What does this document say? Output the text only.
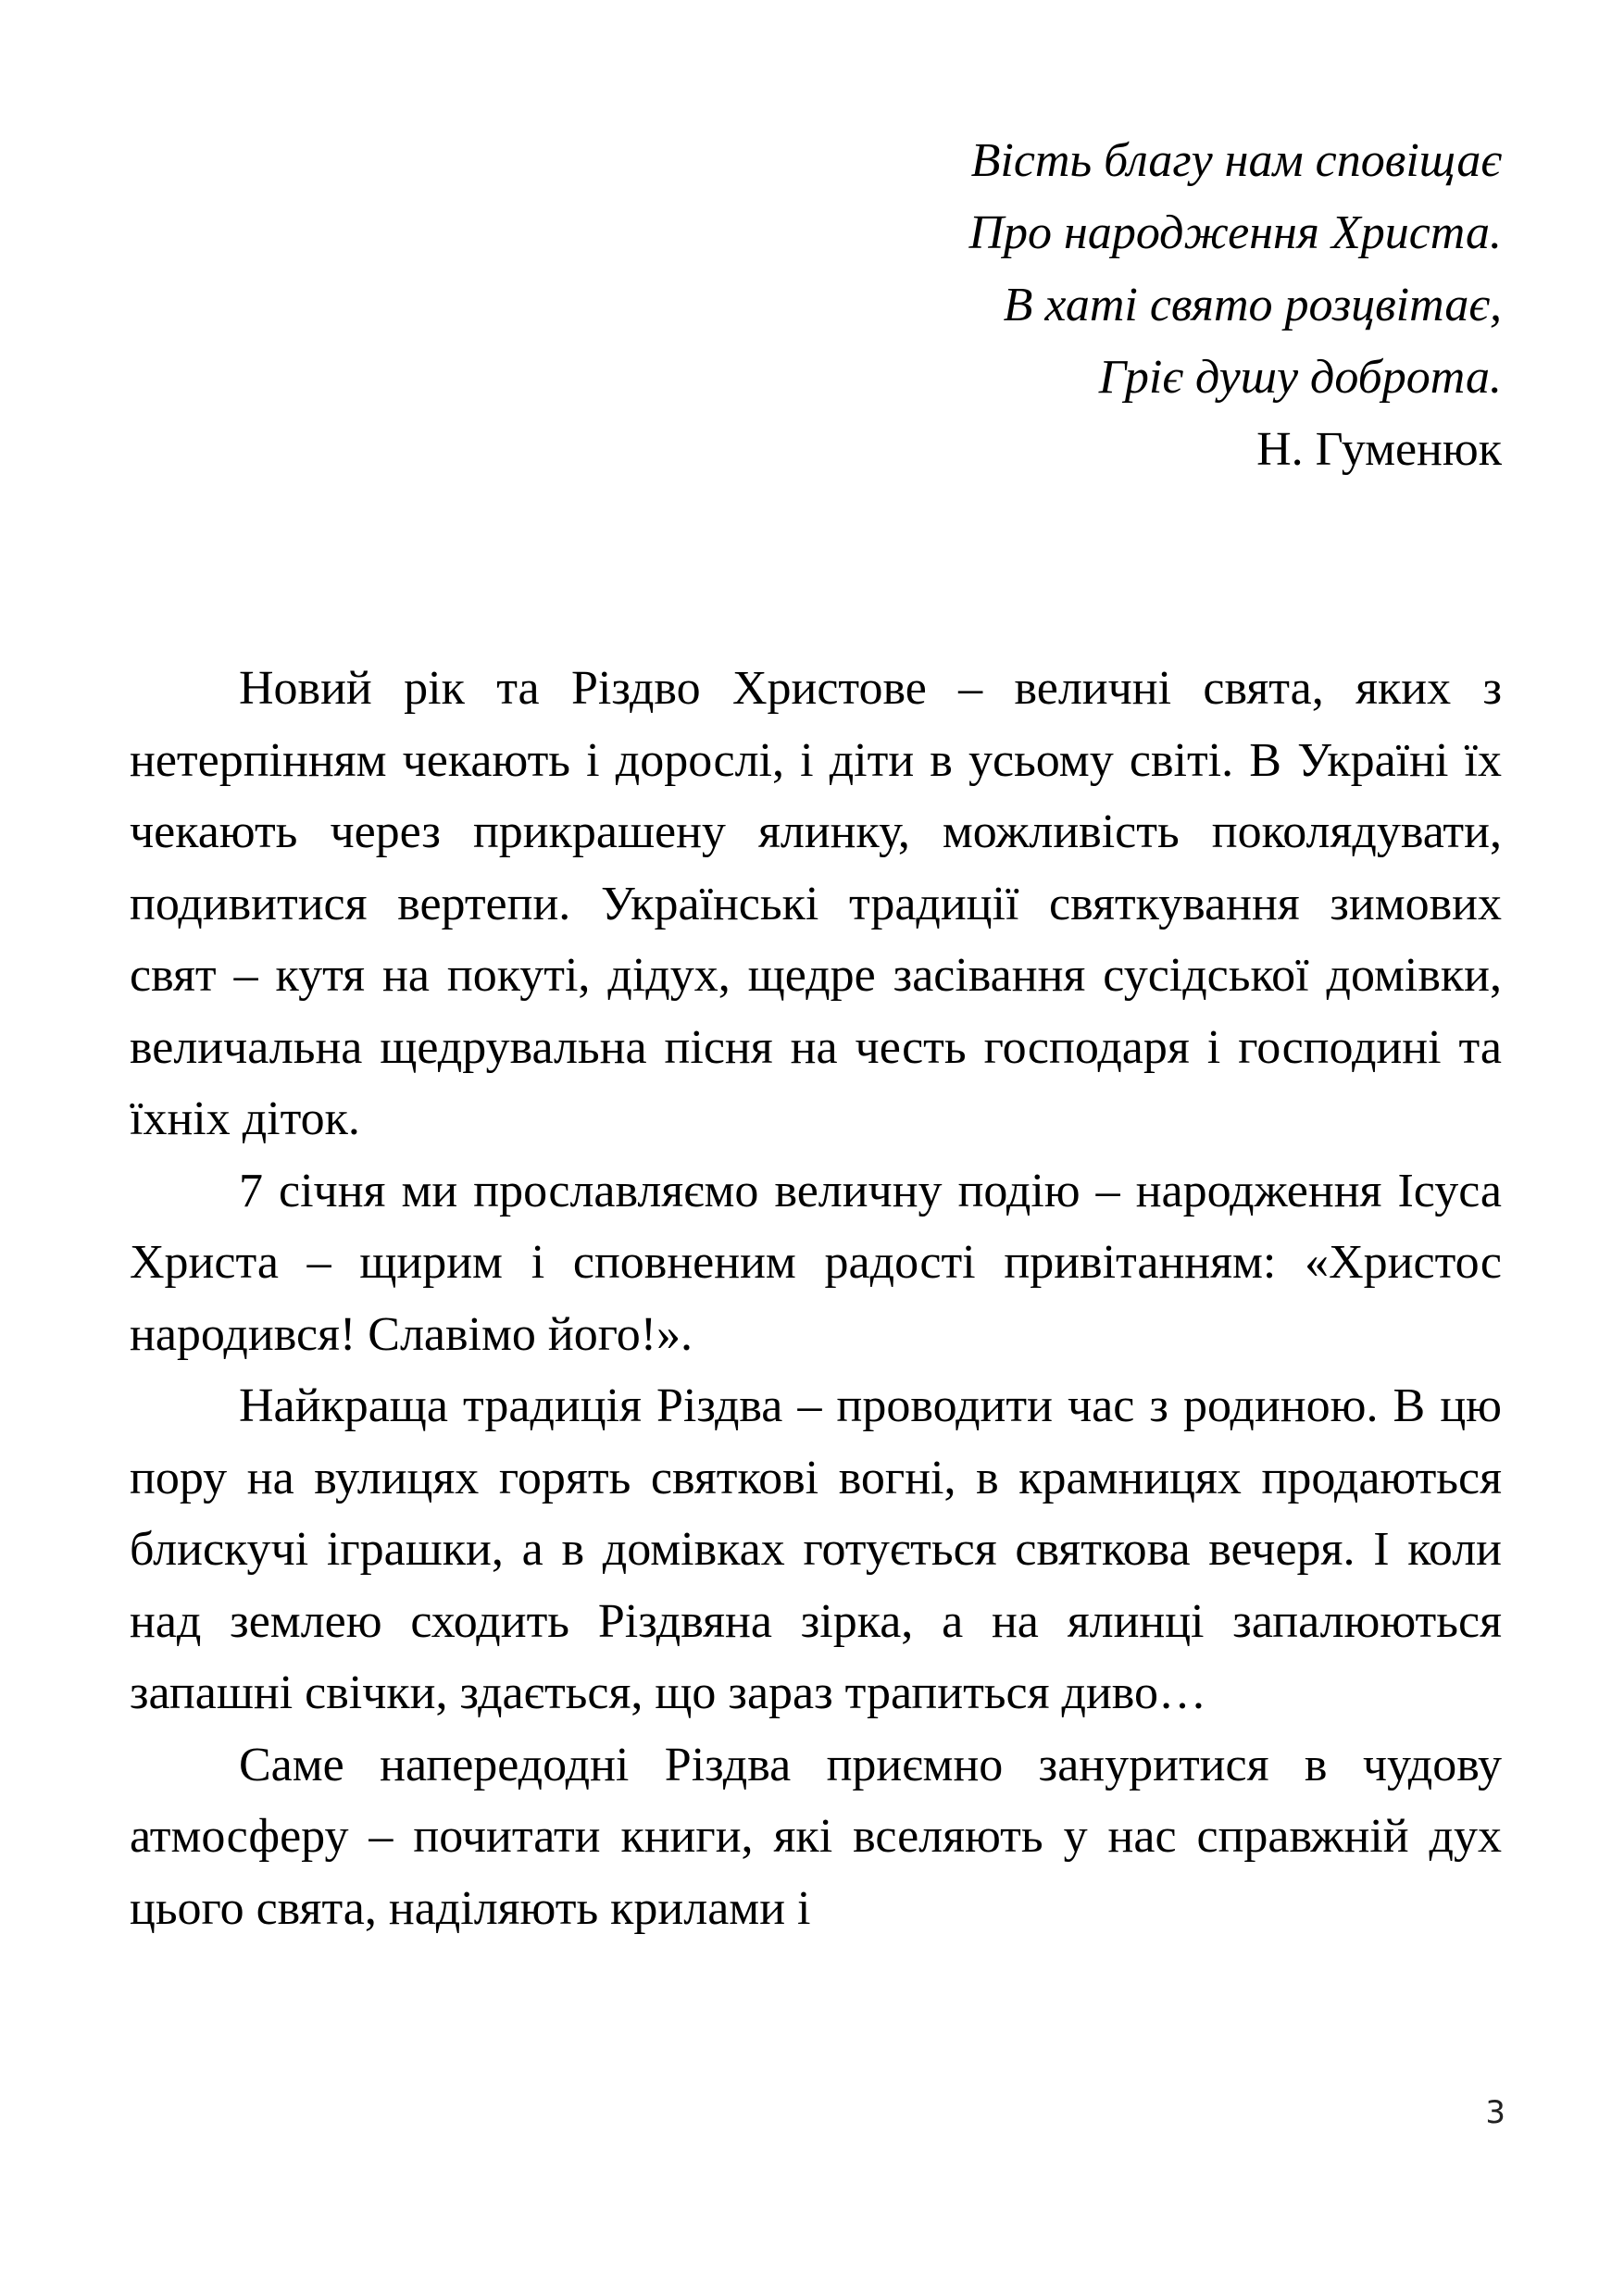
Вість благу нам сповіщає
Про народження Христа.
В хаті свято розцвітає,
Гріє душу доброта.
Н. Гуменюк

Новий рік та Різдво Христове – величні свята, яких з нетерпінням чекають і дорослі, і діти в усьому світі. В Україні їх чекають через прикрашену ялинку, можливість поколядувати, подивитися вертепи. Українські традиції святкування зимових свят – кутя на покуті, дідух, щедре засівання сусідської домівки, величальна щедрувальна пісня на честь господаря і господині та їхніх діток.

7 січня ми прославляємо величну подію – народження Ісуса Христа – щирим і сповненим радості привітанням: «Христос народився! Славімо його!».

Найкраща традиція Різдва – проводити час з родиною. В цю пору на вулицях горять святкові вогні, в крамницях продаються блискучі іграшки, а в домівках готується святкова вечеря. І коли над землею сходить Різдвяна зірка, а на ялинці запалюються запашні свічки, здається, що зараз трапиться диво…

Саме напередодні Різдва приємно зануритися в чудову атмосферу – почитати книги, які вселяють у нас справжній дух цього свята, наділяють крилами і

3
